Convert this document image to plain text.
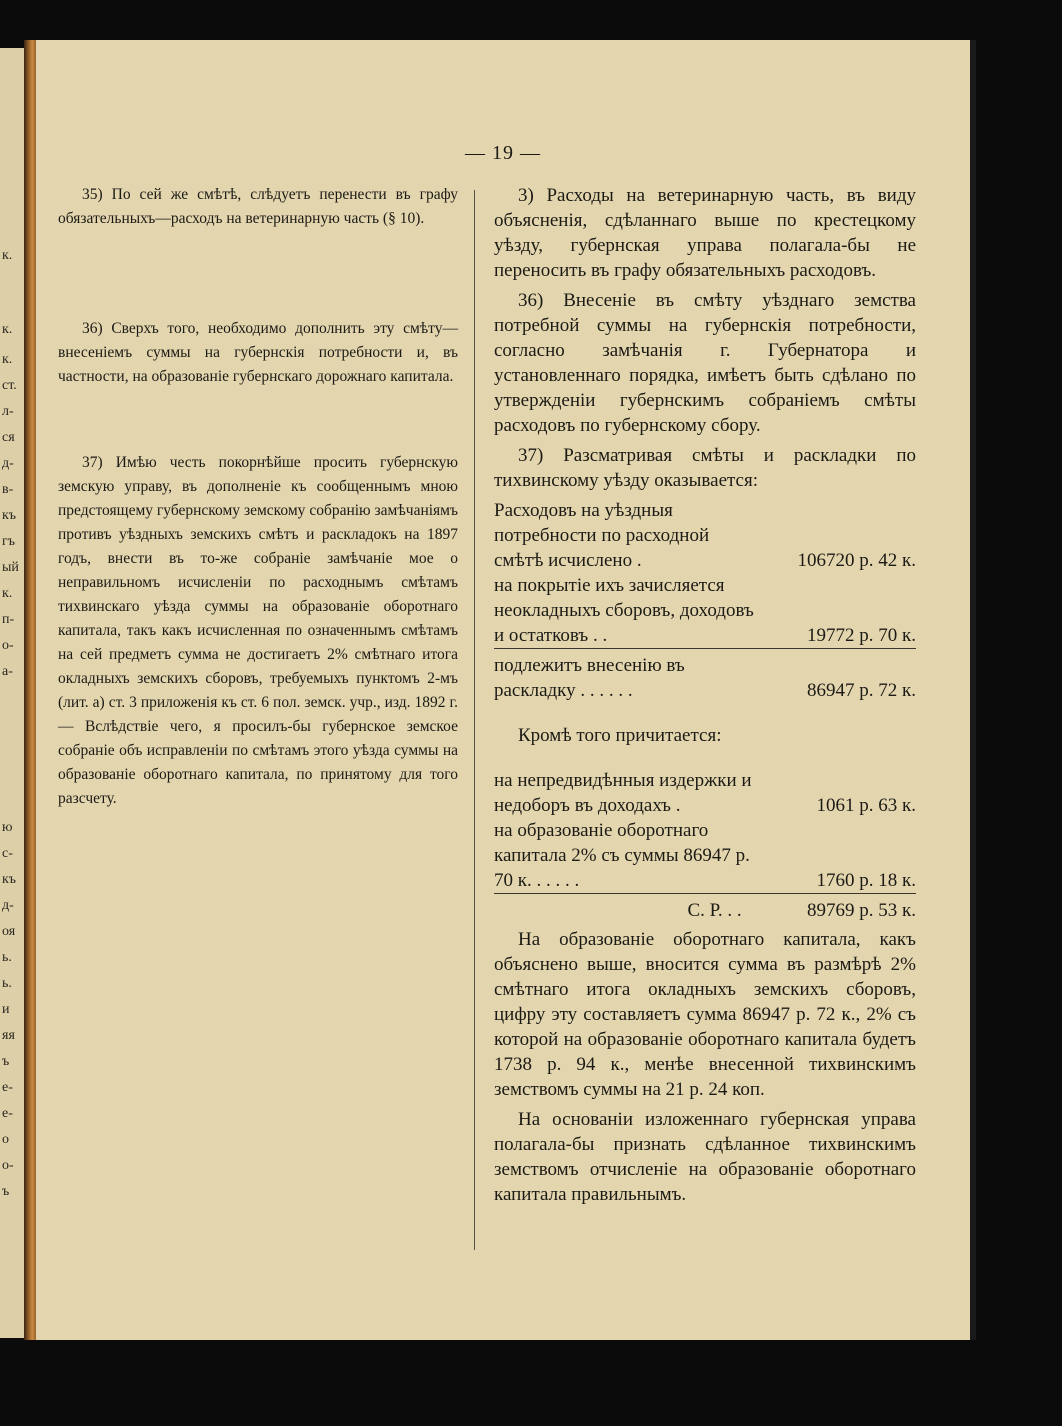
к.
к.
к.
ст.
л-
ся
д-
в-
къ
гъ
ый
к.
п-
о-
а-
ю
с-
къ
д-
оя
ь.
ь.
и
яя
ъ
е-
е-
о
о-
ъ
— 19 —

35) По сей же смѣтѣ, слѣдуетъ перенести въ графу обязательныхъ—расходъ на ветеринарную часть (§ 10).

36) Сверхъ того, необходимо дополнить эту смѣту— внесеніемъ суммы на губернскія потребности и, въ частности, на образованіе губернскаго дорожнаго капитала.

37) Имѣю честь покорнѣйше просить губернскую земскую управу, въ дополненіе къ сообщеннымъ мною предстоящему губернскому земскому собранію замѣчаніямъ противъ уѣздныхъ земскихъ смѣтъ и раскладокъ на 1897 годъ, внести въ то-же собраніе замѣчаніе мое о неправильномъ исчисленіи по расходнымъ смѣтамъ тихвинскаго уѣзда суммы на образованіе оборотнаго капитала, такъ какъ исчисленная по означеннымъ смѣтамъ на сей предметъ сумма не достигаетъ 2% смѣтнаго итога окладныхъ земскихъ сборовъ, требуемыхъ пунктомъ 2-мъ (лит. а) ст. 3 приложенія къ ст. 6 пол. земск. учр., изд. 1892 г.— Вслѣдствіе чего, я просилъ-бы губернское земское собраніе объ исправленіи по смѣтамъ этого уѣзда суммы на образованіе оборотнаго капитала, по принятому для того разсчету.

3) Расходы на ветеринарную часть, въ виду объясненія, сдѣланнаго выше по крестецкому уѣзду, губернская управа полагала-бы не переносить въ графу обязательныхъ расходовъ.

36) Внесеніе въ смѣту уѣзднаго земства потребной суммы на губернскія потребности, согласно замѣчанія г. Губернатора и установленнаго порядка, имѣетъ быть сдѣлано по утвержденіи губернскимъ собраніемъ смѣты расходовъ по губернскому сбору.

37) Разсматривая смѣты и раскладки по тихвинскому уѣзду оказывается:

Расходовъ на уѣздныя потребности по расходной смѣтѣ исчислено .	106720 р. 42 к.
на покрытіе ихъ зачисляется неокладныхъ сборовъ, доходовъ и остатковъ . .	19772 р. 70 к.
подлежитъ внесенію въ раскладку . . . . . .	86947 р. 72 к.
Кромѣ того причитается:	
на непредвидѣнныя издержки и недоборъ въ доходахъ .	1061 р. 63 к.
на образованіе оборотнаго капитала 2% съ суммы 86947 р. 70 к. . . . . .	1760 р. 18 к.
С. Р. . .	89769 р. 53 к.

На образованіе оборотнаго капитала, какъ объяснено выше, вносится сумма въ размѣрѣ 2% смѣтнаго итога окладныхъ земскихъ сборовъ, цифру эту составляетъ сумма 86947 р. 72 к., 2% съ которой на образованіе оборотнаго капитала будетъ 1738 р. 94 к., менѣе внесенной тихвинскимъ земствомъ суммы на 21 р. 24 коп.

На основаніи изложеннаго губернская управа полагала-бы признать сдѣланное тихвинскимъ земствомъ отчисленіе на образованіе оборотнаго капитала правильнымъ.
